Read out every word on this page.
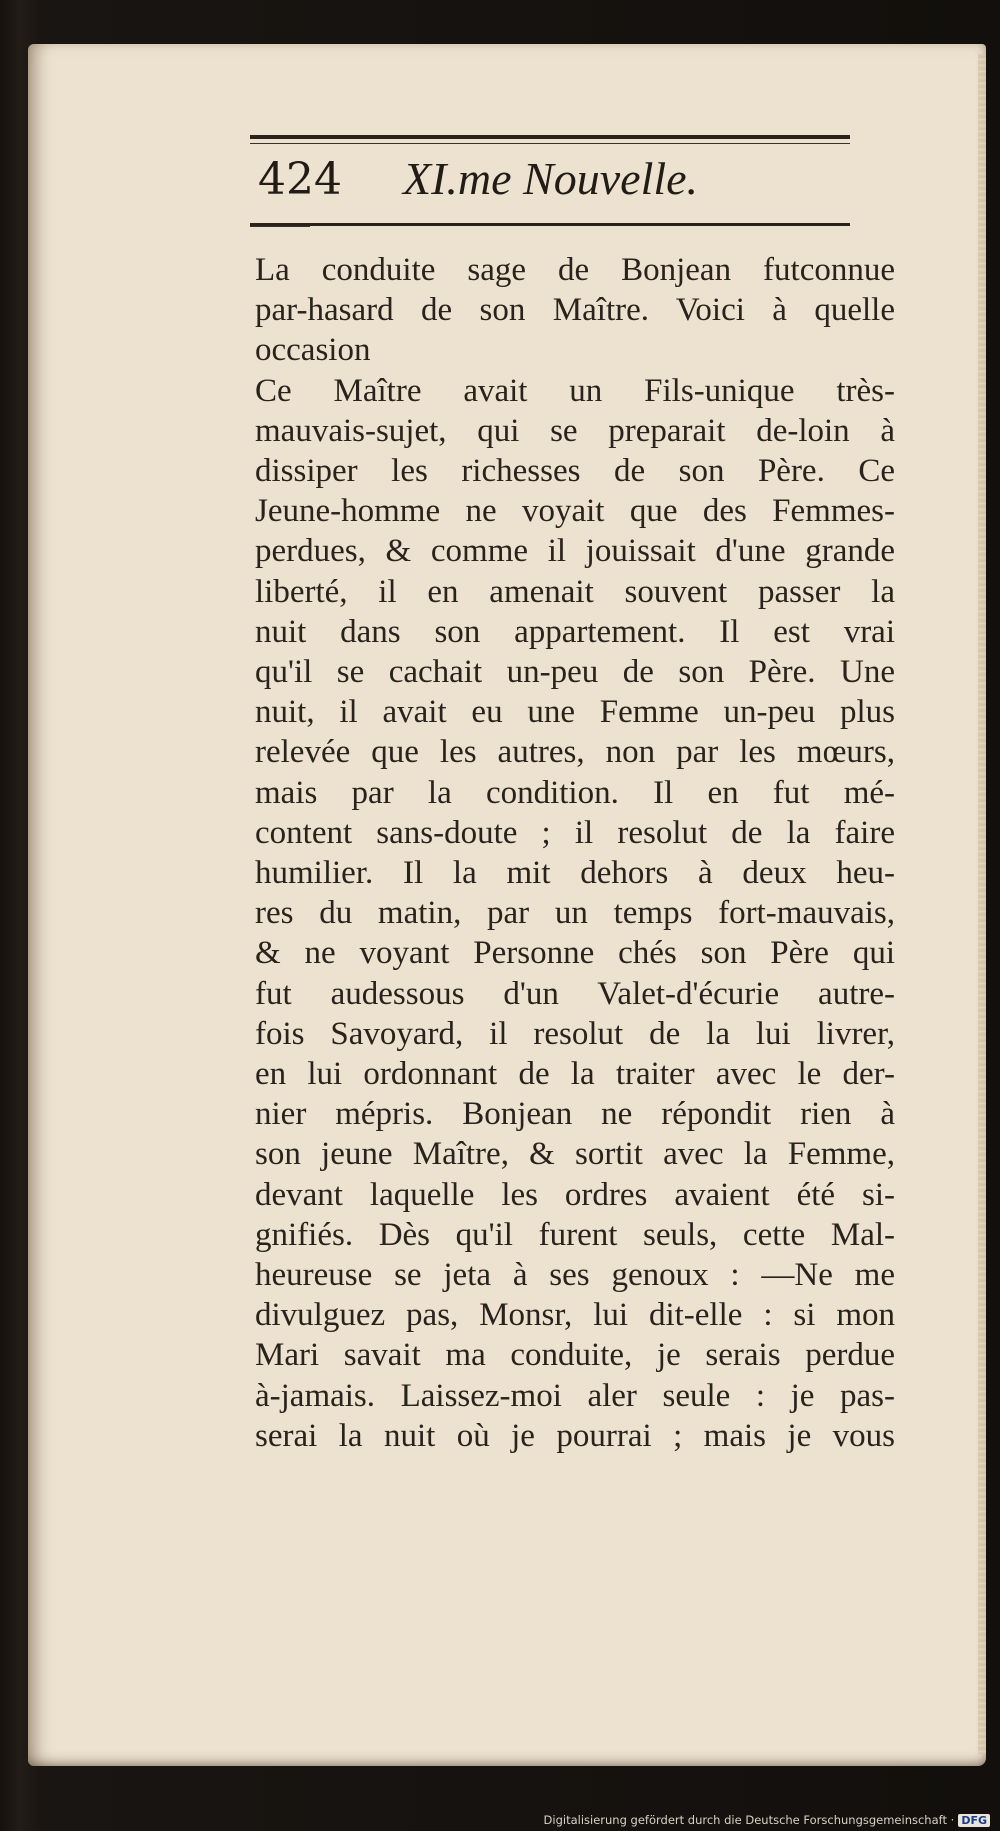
424 XI.me Nouvelle.
La conduite sage de Bonjean futconnue
par-hasard de son Maître. Voici à quelle
occasion
Ce Maître avait un Fils-unique très-
mauvais-sujet, qui se preparait de-loin à
dissiper les richesses de son Père. Ce
Jeune-homme ne voyait que des Femmes-
perdues, & comme il jouissait d'une grande
liberté, il en amenait souvent passer la
nuit dans son appartement. Il est vrai
qu'il se cachait un-peu de son Père. Une
nuit, il avait eu une Femme un-peu plus
relevée que les autres, non par les mœurs,
mais par la condition. Il en fut mé-
content sans-doute ; il resolut de la faire
humilier. Il la mit dehors à deux heu-
res du matin, par un temps fort-mauvais,
& ne voyant Personne chés son Père qui
fut audessous d'un Valet-d'écurie autre-
fois Savoyard, il resolut de la lui livrer,
en lui ordonnant de la traiter avec le der-
nier mépris. Bonjean ne répondit rien à
son jeune Maître, & sortit avec la Femme,
devant laquelle les ordres avaient été si-
gnifiés. Dès qu'il furent seuls, cette Mal-
heureuse se jeta à ses genoux : —Ne me
divulguez pas, Monsr, lui dit-elle : si mon
Mari savait ma conduite, je serais perdue
à-jamais. Laissez-moi aler seule : je pas-
serai la nuit où je pourrai ; mais je vous
Digitalisierung gefördert durch die Deutsche Forschungsgemeinschaft · DFG
